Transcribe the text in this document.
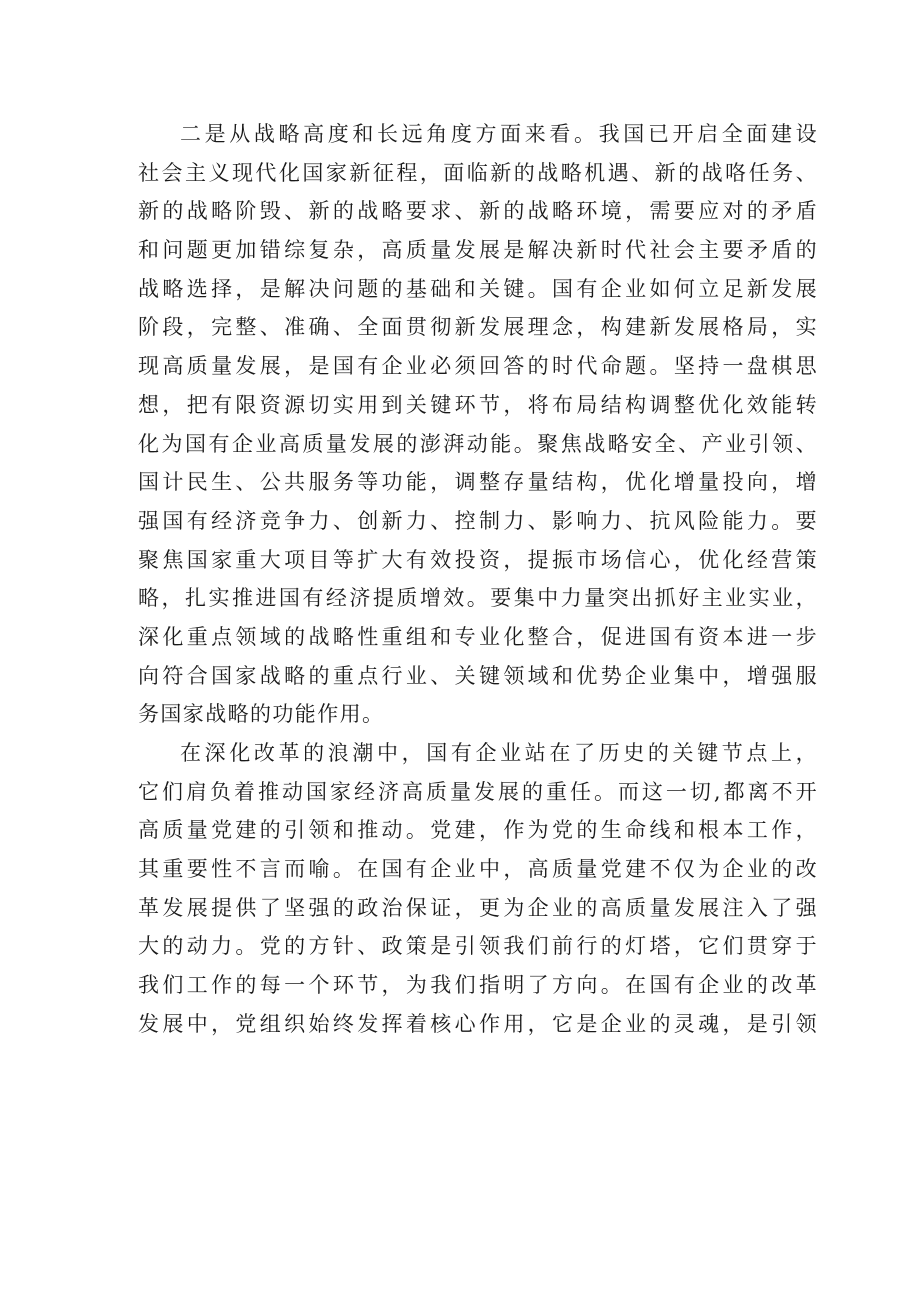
二是从战略高度和长远角度方面来看。我国已开启全面建设
社会主义现代化国家新征程，面临新的战略机遇、新的战咯任务、
新的战略阶毁、新的战略要求、新的战略环境，需要应对的矛盾
和问题更加错综复杂，高质量发展是解决新时代社会主要矛盾的
战略选择，是解决问题的基础和关键。国有企业如何立足新发展
阶段，完整、准确、全面贯彻新发展理念，构建新发展格局，实
现高质量发展，是国有企业必须回答的时代命题。坚持一盘棋思
想，把有限资源切实用到关键环节，将布局结构调整优化效能转
化为国有企业高质量发展的澎湃动能。聚焦战略安全、产业引领、
国计民生、公共服务等功能，调整存量结构，优化增量投向，增
强国有经济竞争力、创新力、控制力、影响力、抗风险能力。要
聚焦国家重大项目等扩大有效投资，提振市场信心，优化经营策
略，扎实推进国有经济提质增效。要集中力量突出抓好主业实业，
深化重点领域的战略性重组和专业化整合，促进国有资本进一步
向符合国家战略的重点行业、关键领域和优势企业集中，增强服
务国家战略的功能作用。
在深化改革的浪潮中，国有企业站在了历史的关键节点上，
它们肩负着推动国家经济高质量发展的重任。而这一切,都离不开
高质量党建的引领和推动。党建，作为党的生命线和根本工作，
其重要性不言而喻。在国有企业中，高质量党建不仅为企业的改
革发展提供了坚强的政治保证，更为企业的高质量发展注入了强
大的动力。党的方针、政策是引领我们前行的灯塔，它们贯穿于
我们工作的每一个环节，为我们指明了方向。在国有企业的改革
发展中，党组织始终发挥着核心作用，它是企业的灵魂，是引领
